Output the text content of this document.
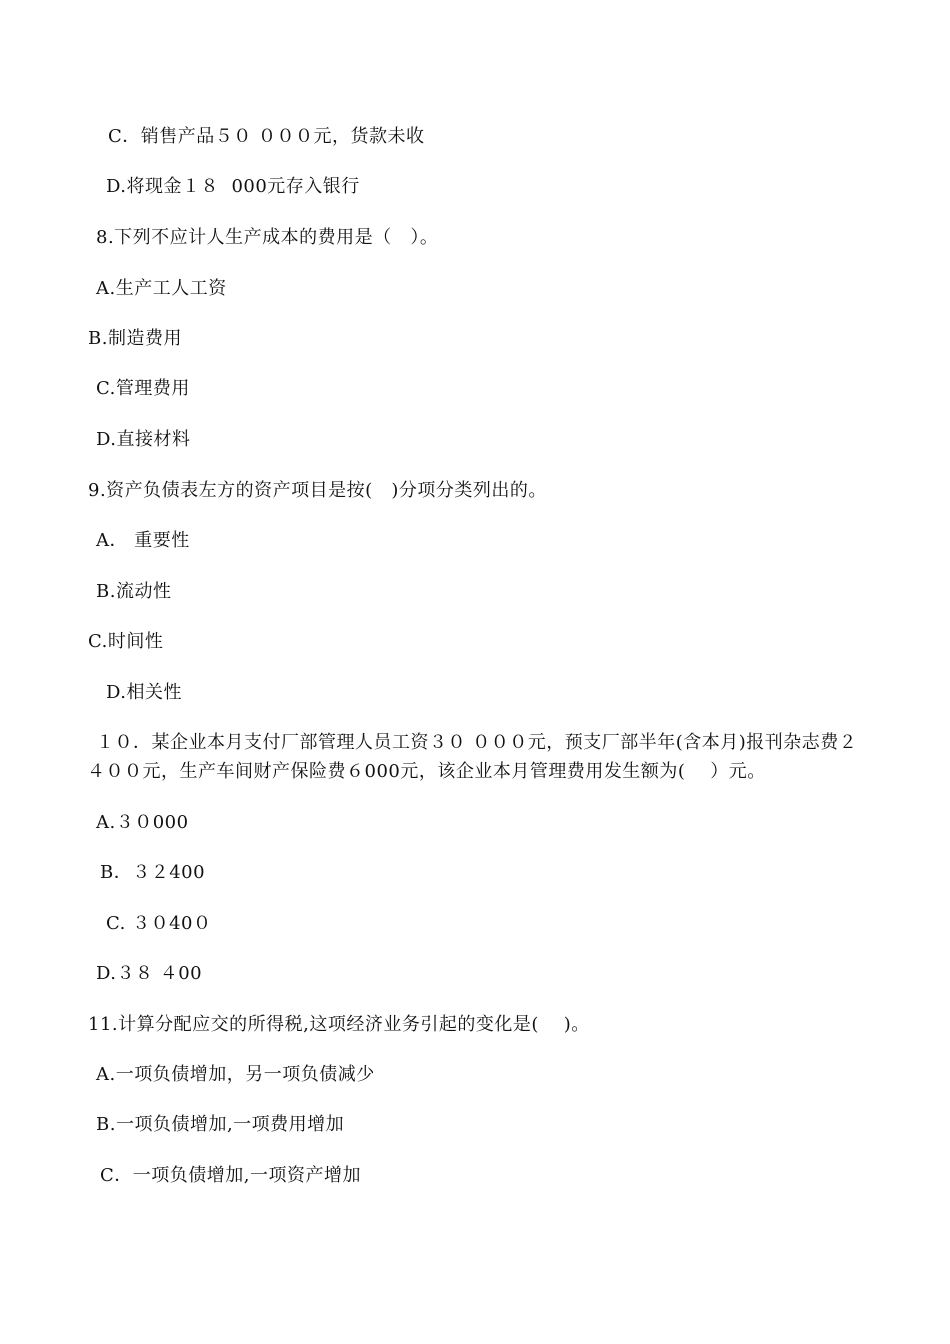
C．销售产品５０ ０００元，货款未收
D.将现金１８  000元存入银行
8.下列不应计人生产成本的费用是（   ）。
A.生产工人工资
B.制造费用
C.管理费用
D.直接材料
9.资产负债表左方的资产项目是按(   )分项分类列出的。
A． 重要性
B.流动性
C.时间性
D.相关性
１０．某企业本月支付厂部管理人员工资３０ ０００元，预支厂部半年(含本月)报刊杂志费２
４００元，生产车间财产保险费６000元，该企业本月管理费用发生额为(    ）元。
A.３０000
B．３２400
C. ３０40０
D.３８ ４00
11.计算分配应交的所得税,这项经济业务引起的变化是(    )。
A.一项负债增加，另一项负债减少
B.一项负债增加,一项费用增加
C．一项负债增加,一项资产增加
